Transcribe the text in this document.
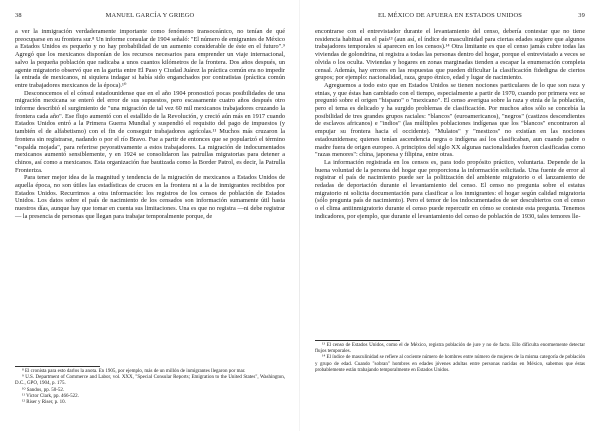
38	MANUEL GARCÍA Y GRIEGO

a ver la inmigración verdaderamente importante como fenómeno transoceánico, no tenían de qué preocuparse en su frontera sur.⁸ Un informe consular de 1904 señaló: "El número de emigrantes de México a Estados Unidos es pequeño y no hay probabilidad de un aumento considerable de éste en el futuro".⁹ Agregó que los mexicanos disponían de los recursos necesarios para emprender un viaje internacional, salvo la pequeña población que radicaba a unos cuantos kilómetros de la frontera. Dos años después, un agente migratorio observó que en la garita entre El Paso y Ciudad Juárez la práctica común era no impedir la entrada de mexicanos, ni siquiera indagar si había sido enganchados por contratistas (práctica común entre trabajadores mexicanos de la época).¹⁰

Desconocemos el el cónsul estadounidense que en el año 1904 pronosticó pocas posibilidades de una migración mexicana se enteró del error de sus supuestos, pero escasamente cuatro años después otro informe describió el surgimiento de "una migración de tal vez 60 mil mexicanos trabajadores cruzando la frontera cada año". Ese flujo aumentó con el estallido de la Revolución, y creció aún más en 1917 cuando Estados Unidos entró a la Primera Guerra Mundial y suspendió el requisito del pago de impuestos (y también el de alfabetismo) con el fin de conseguir trabajadores agrícolas.¹¹ Muchos más cruzaron la frontera sin registrarse, nadando o por el río Bravo. Fue a partir de entonces que se popularizó el término "espalda mojada", para referirse peyorativamente a estos trabajadores. La migración de indocumentados mexicanos aumentó sensiblemente, y en 1924 se consolidaron las patrullas migratorias para detener a chinos, así como a mexicanos. Esta organización fue bautizada como la Border Patrol, es decir, la Patrulla Fronteriza.

Para tener mejor idea de la magnitud y tendencia de la migración de mexicanos a Estados Unidos de aquella época, no son útiles las estadísticas de cruces en la frontera ni a la de inmigrantes recibidos por Estados Unidos. Recurrimos a otra información: los registros de los censos de población de Estados Unidos. Los datos sobre el país de nacimiento de los censados son información sumamente útil hasta nuestros días, aunque hay que tomar en cuenta sus limitaciones. Una es que no registra —ni debe registrar— la presencia de personas que llegan para trabajar temporalmente porque, de

⁸ El cronista para esto darlos la anota. En 1905, por ejemplo, más de un millón de inmigrantes llegaron por mar.

⁹ U.S. Department of Commerce and Labor, vol. XXX, "Special Consular Reports; Emigration to the United States", Washington, D.C., GPO, 1904, p. 175.

¹⁰ Sandos, pp. 50-52.

¹¹ Victor Clark, pp. 466-522.

¹² Riser y Riser, p. 10.

EL MÉXICO DE AFUERA EN ESTADOS UNIDOS	39

encontrarse con el entrevistador durante el levantamiento del censo, debería contestar que no tiene residencia habitual en el país¹³ (aun así, el índice de masculinidad para ciertas edades sugiere que algunos trabajadores temporales sí aparecen en los censos).¹⁴ Otra limitante es que el censo jamás cubre todas las viviendas de golondrina, ni registra a todas las personas dentro del hogar, porque el entrevistado a veces se olvida o los oculta. Viviendas y hogares en zonas marginadas tienden a escapar la enumeración completa censal. Además, hay errores en las respuestas que pueden dificultar la clasificación fidedigna de ciertos grupos; por ejemplo: nacionalidad, raza, grupo étnico, edad y lugar de nacimiento.

Agreguemos a todo esto que en Estados Unidos se tienen nociones particulares de lo que son raza y etnias, y que éstas han cambiado con el tiempo, especialmente a partir de 1970, cuando por primera vez se preguntó sobre el origen "hispano" o "mexicano". El censo averigua sobre la raza y etnia de la población, pero el tema es delicado y ha surgido problemas de clasificación. Por muchos años sólo se concebía la posibilidad de tres grandes grupos raciales: "blancos" (euroamericanos), "negros" (castizos descendientes de esclavos africanos) e "indios" (las múltiples poblaciones indígenas que los "blancos" encontraron al empujar su frontera hacia el occidente). "Mulatos" y "mestizos" no existían en las nociones estadounidenses; quienes tenían ascendencia negra o indígena así los clasificaban, aun cuando padre o madre fuera de origen europeo. A principios del siglo XX algunas nacionalidades fueron clasificadas como "razas menores": china, japonesa y filipina, entre otras.

La información registrada en los censos es, para todo propósito práctico, voluntaria. Depende de la buena voluntad de la persona del hogar que proporciona la información solicitada. Una fuente de error al registrar el país de nacimiento puede ser la politización del ambiente migratorio o el lanzamiento de redadas de deportación durante el levantamiento del censo. El censo no pregunta sobre el estatus migratorio ni solicita documentación para clasificar a los inmigrantes: el hogar según calidad migratoria (sólo pregunta país de nacimiento). Pero el temor de los indocumentados de ser descubiertos con el censo o el clima antiinmigratorio durante el censo puede repercutir en cómo se conteste esta pregunta. Tenemos indicadores, por ejemplo, que durante el levantamiento del censo de población de 1930, tales temores lle-

¹³ El censo de Estados Unidos, como el de México, registra población de jure y no de facto. Ello dificulta enormemente detectar flujos temporales.

¹⁴ El índice de masculinidad se refiere al cociente número de hombres entre número de mujeres de la misma categoría de población y grupo de edad. Cuando "sobran" hombres en edades jóvenes adultas entre personas nacidas en México, sabemos que éstas probablemente están trabajando temporalmente en Estados Unidos.
